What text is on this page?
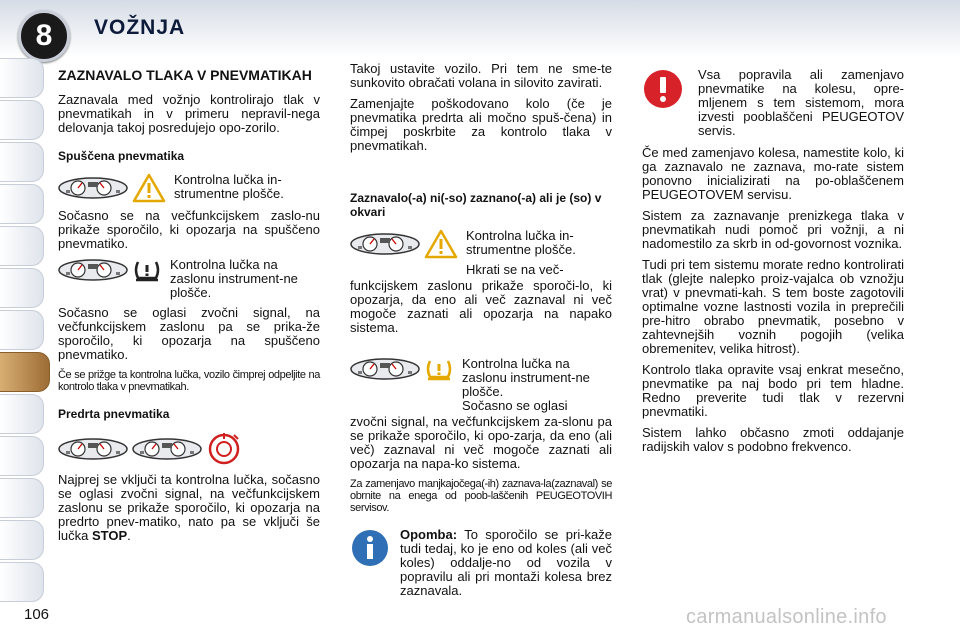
8	VOŽNJA
ZAZNAVALO TLAKA V PNEVMATIKAH

Zaznavala med vožnjo kontrolirajo tlak v pnevmatikah in v primeru nepravil-nega delovanja takoj posredujejo opo-zorilo.

Spuščena pnevmatika
Kontrolna lučka in-strumentne plošče.

Sočasno se na večfunkcijskem zaslo-nu prikaže sporočilo, ki opozarja na spuščeno pnevmatiko.

Kontrolna lučka na zaslonu instrument-ne plošče.

Sočasno se oglasi zvočni signal, na večfunkcijskem zaslonu pa se prika-že sporočilo, ki opozarja na spuščeno pnevmatiko.

Če se prižge ta kontrolna lučka, vozilo čimprej odpeljite na kontrolo tlaka v pnevmatikah.

Predrta pnevmatika

Najprej se vključi ta kontrolna lučka, sočasno se oglasi zvočni signal, na večfunkcijskem zaslonu se prikaže sporočilo, ki opozarja na predrto pnev-matiko, nato pa se vključi še lučka STOP.

Takoj ustavite vozilo. Pri tem ne sme-te sunkovito obračati volana in silovito zavirati.

Zamenjajte poškodovano kolo (če je pnevmatika predrta ali močno spuš-čena) in čimpej poskrbite za kontrolo tlaka v pnevmatikah.

Zaznavalo(-a) ni(-so) zaznano(-a) ali je (so) v okvari
Kontrolna lučka in-strumentne plošče.
Hkrati se na več-

funkcijskem zaslonu prikaže sporoči-lo, ki opozarja, da eno ali več zaznaval ni več mogoče zaznati ali opozarja na napako sistema.

Kontrolna lučka na zaslonu instrument-ne plošče.
Sočasno se oglasi

zvočni signal, na večfunkcijskem za-slonu pa se prikaže sporočilo, ki opo-zarja, da eno (ali več) zaznaval ni več mogoče zaznati ali opozarja na napa-ko sistema.

Za zamenjavo manjkajočega(-ih) zaznava-la(zaznaval) se obrnite na enega od poob-laščenih PEUGEOTOVIH servisov.

Opomba: To sporočilo se pri-kaže tudi tedaj, ko je eno od koles (ali več koles) oddalje-no od vozila v popravilu ali pri montaži kolesa brez zaznavala.
Vsa popravila ali zamenjavo pnevmatike na kolesu, opre-mljenem s tem sistemom, mora izvesti pooblaščeni PEUGEOTOV servis.

Če med zamenjavo kolesa, namestite kolo, ki ga zaznavalo ne zaznava, mo-rate sistem ponovno inicializirati na po-oblaščenem PEUGEOTOVEM servisu.

Sistem za zaznavanje prenizkega tlaka v pnevmatikah nudi pomoč pri vožnji, a ni nadomestilo za skrb in od-govornost voznika.

Tudi pri tem sistemu morate redno kontrolirati tlak (glejte nalepko proiz-vajalca ob vznožju vrat) v pnevmati-kah. S tem boste zagotovili optimalne vozne lastnosti vozila in preprečili pre-hitro obrabo pnevmatik, posebno v zahtevnejših voznih pogojih (velika obremenitev, velika hitrost).

Kontrolo tlaka opravite vsaj enkrat mesečno, pnevmatike pa naj bodo pri tem hladne. Redno preverite tudi tlak v rezervni pnevmatiki.

Sistem lahko občasno zmoti oddajanje radijskih valov s podobno frekvenco.

106	carmanualsonline.info
